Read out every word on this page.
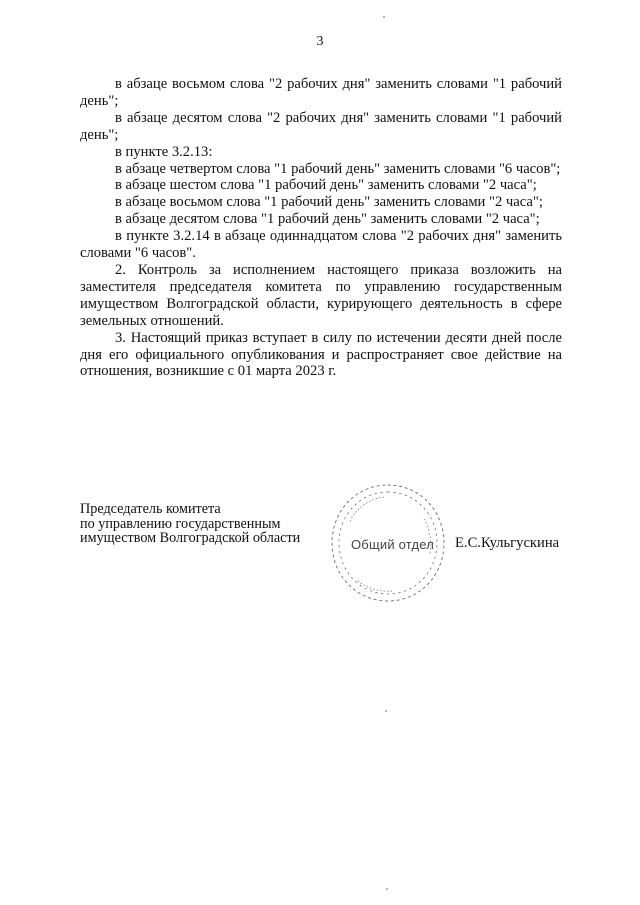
3

в абзаце восьмом слова "2 рабочих дня" заменить словами "1 рабочий день";

в абзаце десятом слова "2 рабочих дня" заменить словами "1 рабочий день";

в пункте 3.2.13:

в абзаце четвертом слова "1 рабочий день" заменить словами "6 часов";

в абзаце шестом слова "1 рабочий день" заменить словами "2 часа";

в абзаце восьмом слова "1 рабочий день" заменить словами "2 часа";

в абзаце десятом слова "1 рабочий день" заменить словами "2 часа";

в пункте 3.2.14 в абзаце одиннадцатом слова "2 рабочих дня" заменить словами "6 часов".

2. Контроль за исполнением настоящего приказа возложить на заместителя председателя комитета по управлению государственным имуществом Волгоградской области, курирующего деятельность в сфере земельных отношений.

3. Настоящий приказ вступает в силу по истечении десяти дней после дня его официального опубликования и распространяет свое действие на отношения, возникшие с 01 марта 2023 г.

Председатель комитета
по управлению государственным
имуществом Волгоградской области	Общий отдел Е.С.Кульгускина
